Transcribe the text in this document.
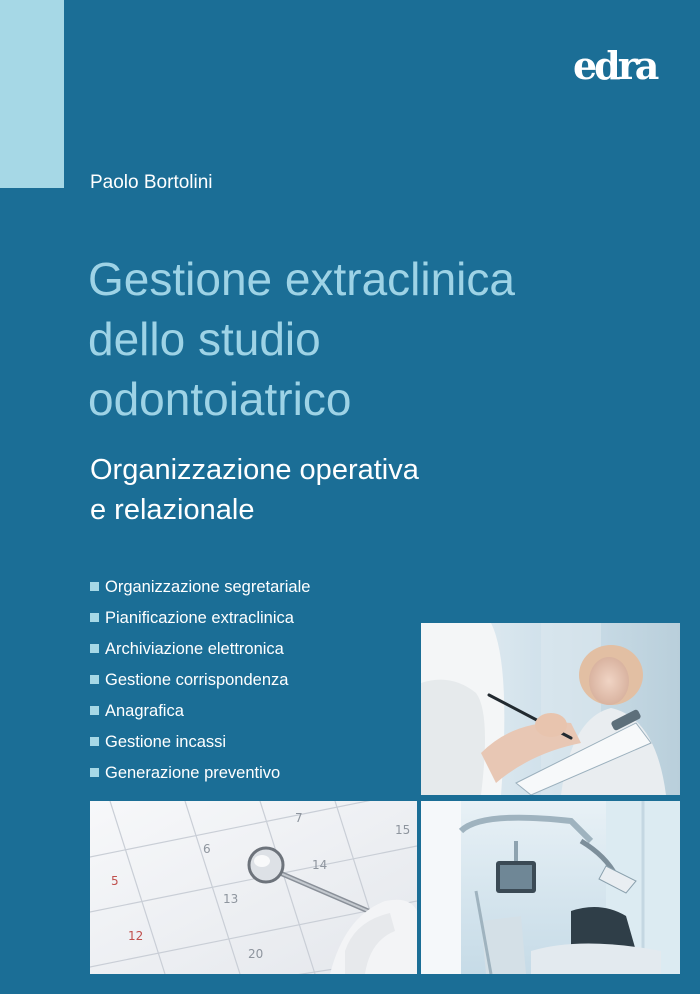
edra
Paolo Bortolini
Gestione extraclinica
dello studio
odontoiatrico
Organizzazione operativa
e relazionale
Organizzazione segretariale
Pianificazione extraclinica
Archiviazione elettronica
Gestione corrispondenza
Anagrafica
Gestione incassi
Generazione preventivo
7
15
6
14
5
13
12
20
